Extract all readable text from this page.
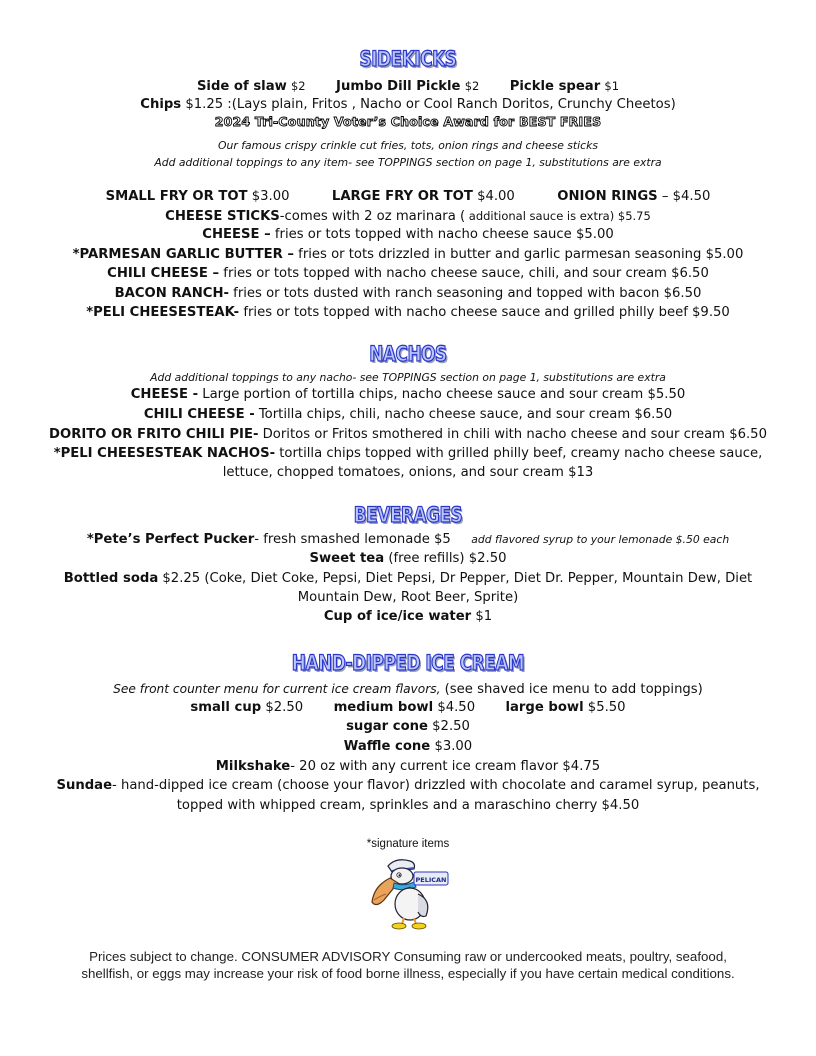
SIDEKICKS
Side of slaw $2 Jumbo Dill Pickle $2 Pickle spear $1
Chips $1.25 :(Lays plain, Fritos , Nacho or Cool Ranch Doritos, Crunchy Cheetos)
2024 Tri-County Voter’s Choice Award for BEST FRIES
Our famous crispy crinkle cut fries, tots, onion rings and cheese sticks
Add additional toppings to any item- see TOPPINGS section on page 1, substitutions are extra
SMALL FRY OR TOT $3.00	LARGE FRY OR TOT $4.00	ONION RINGS – $4.50
CHEESE STICKS-comes with 2 oz marinara ( additional sauce is extra) $5.75
CHEESE – fries or tots topped with nacho cheese sauce $5.00
*PARMESAN GARLIC BUTTER – fries or tots drizzled in butter and garlic parmesan seasoning $5.00
CHILI CHEESE – fries or tots topped with nacho cheese sauce, chili, and sour cream $6.50
BACON RANCH- fries or tots dusted with ranch seasoning and topped with bacon $6.50
*PELI CHEESESTEAK- fries or tots topped with nacho cheese sauce and grilled philly beef $9.50
NACHOS
Add additional toppings to any nacho- see TOPPINGS section on page 1, substitutions are extra
CHEESE - Large portion of tortilla chips, nacho cheese sauce and sour cream $5.50
CHILI CHEESE - Tortilla chips, chili, nacho cheese sauce, and sour cream $6.50
DORITO OR FRITO CHILI PIE- Doritos or Fritos smothered in chili with nacho cheese and sour cream $6.50
*PELI CHEESESTEAK NACHOS- tortilla chips topped with grilled philly beef, creamy nacho cheese sauce,
lettuce, chopped tomatoes, onions, and sour cream $13
BEVERAGES
*Pete’s Perfect Pucker- fresh smashed lemonade $5 add flavored syrup to your lemonade $.50 each
Sweet tea (free refills) $2.50
Bottled soda $2.25 (Coke, Diet Coke, Pepsi, Diet Pepsi, Dr Pepper, Diet Dr. Pepper, Mountain Dew, Diet
Mountain Dew, Root Beer, Sprite)
Cup of ice/ice water $1
HAND-DIPPED ICE CREAM
See front counter menu for current ice cream flavors, (see shaved ice menu to add toppings)
small cup $2.50 medium bowl $4.50 large bowl $5.50
sugar cone $2.50
Waffle cone $3.00
Milkshake- 20 oz with any current ice cream flavor $4.75
Sundae- hand-dipped ice cream (choose your flavor) drizzled with chocolate and caramel syrup, peanuts,
topped with whipped cream, sprinkles and a maraschino cherry $4.50
*signature items
PELICAN
Prices subject to change. CONSUMER ADVISORY Consuming raw or undercooked meats, poultry, seafood,
shellfish, or eggs may increase your risk of food borne illness, especially if you have certain medical conditions.
